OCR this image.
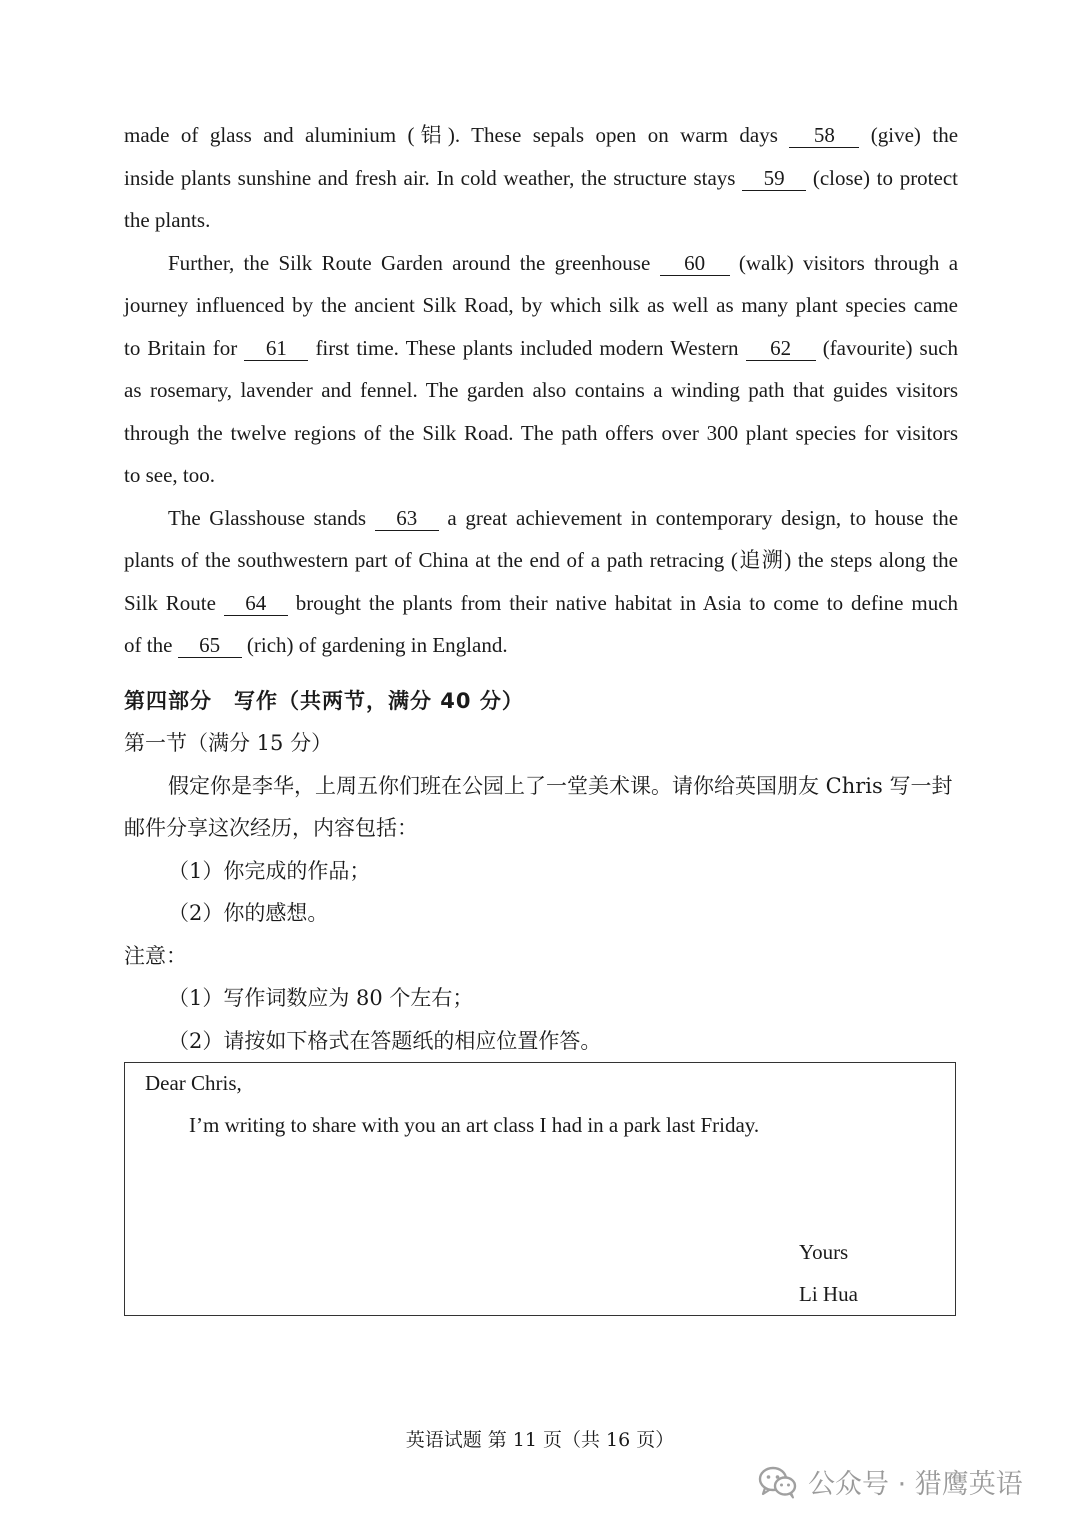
made of glass and aluminium (铝). These sepals open on warm days 58 (give) the
inside plants sunshine and fresh air. In cold weather, the structure stays 59 (close) to protect
the plants.
Further, the Silk Route Garden around the greenhouse 60 (walk) visitors through a
journey influenced by the ancient Silk Road, by which silk as well as many plant species came
to Britain for 61 first time. These plants included modern Western 62 (favourite) such
as rosemary, lavender and fennel. The garden also contains a winding path that guides visitors
through the twelve regions of the Silk Road. The path offers over 300 plant species for visitors
to see, too.
The Glasshouse stands 63 a great achievement in contemporary design, to house the
plants of the southwestern part of China at the end of a path retracing (追溯) the steps along the
Silk Route 64 brought the plants from their native habitat in Asia to come to define much
of the 65 (rich) of gardening in England.
第四部分　写作（共两节，满分 40 分）
第一节（满分 15 分）
假定你是李华，上周五你们班在公园上了一堂美术课。请你给英国朋友 Chris 写一封
邮件分享这次经历，内容包括：
（1）你完成的作品；
（2）你的感想。
注意：
（1）写作词数应为 80 个左右；
（2）请按如下格式在答题纸的相应位置作答。
Dear Chris,
I’m writing to share with you an art class I had in a park last Friday.
Yours
Li Hua
英语试题 第 11 页（共 16 页）
公众号 · 猎鹰英语
